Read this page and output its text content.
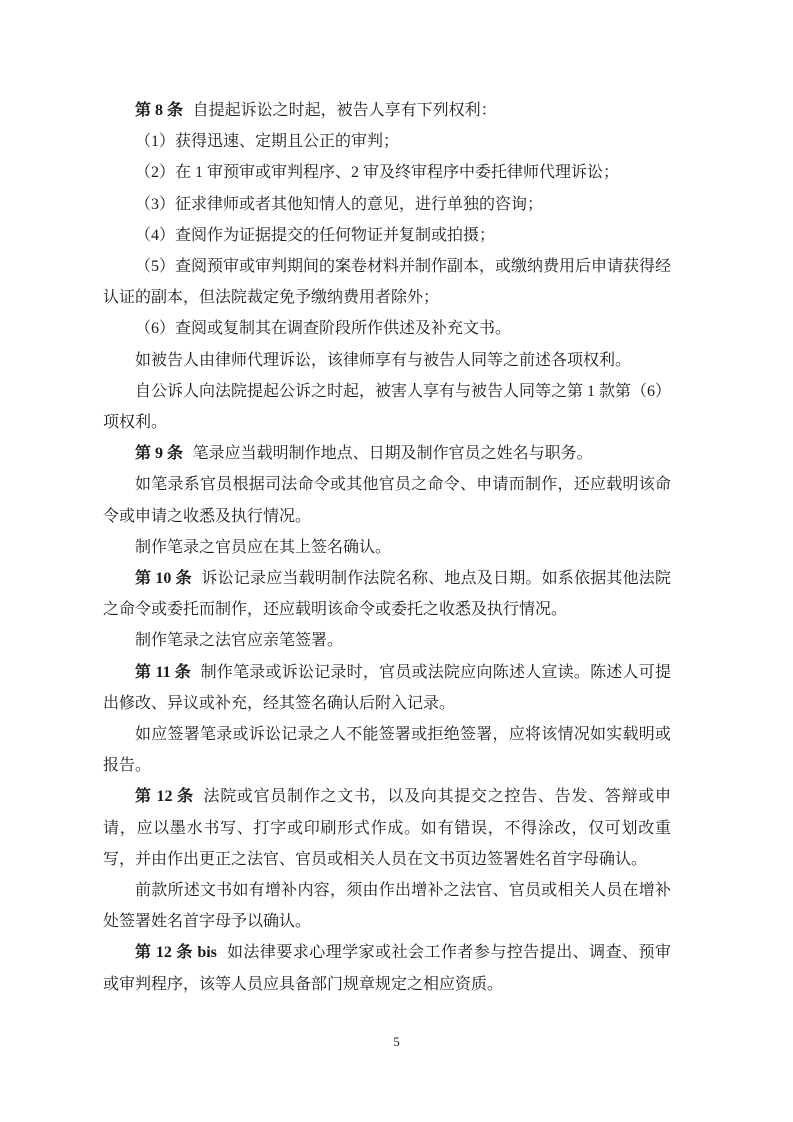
第 8 条 自提起诉讼之时起，被告人享有下列权利：

（1）获得迅速、定期且公正的审判；

（2）在 1 审预审或审判程序、2 审及终审程序中委托律师代理诉讼；

（3）征求律师或者其他知情人的意见，进行单独的咨询；

（4）查阅作为证据提交的任何物证并复制或拍摄；

（5）查阅预审或审判期间的案卷材料并制作副本，或缴纳费用后申请获得经认证的副本，但法院裁定免予缴纳费用者除外；

（6）查阅或复制其在调查阶段所作供述及补充文书。

如被告人由律师代理诉讼，该律师享有与被告人同等之前述各项权利。

自公诉人向法院提起公诉之时起，被害人享有与被告人同等之第 1 款第（6）项权利。

第 9 条 笔录应当载明制作地点、日期及制作官员之姓名与职务。

如笔录系官员根据司法命令或其他官员之命令、申请而制作，还应载明该命令或申请之收悉及执行情况。

制作笔录之官员应在其上签名确认。

第 10 条 诉讼记录应当载明制作法院名称、地点及日期。如系依据其他法院之命令或委托而制作，还应载明该命令或委托之收悉及执行情况。

制作笔录之法官应亲笔签署。

第 11 条 制作笔录或诉讼记录时，官员或法院应向陈述人宣读。陈述人可提出修改、异议或补充，经其签名确认后附入记录。

如应签署笔录或诉讼记录之人不能签署或拒绝签署，应将该情况如实载明或报告。

第 12 条 法院或官员制作之文书，以及向其提交之控告、告发、答辩或申请，应以墨水书写、打字或印刷形式作成。如有错误，不得涂改，仅可划改重写，并由作出更正之法官、官员或相关人员在文书页边签署姓名首字母确认。

前款所述文书如有增补内容，须由作出增补之法官、官员或相关人员在增补处签署姓名首字母予以确认。

第 12 条 bis 如法律要求心理学家或社会工作者参与控告提出、调查、预审或审判程序，该等人员应具备部门规章规定之相应资质。

5
